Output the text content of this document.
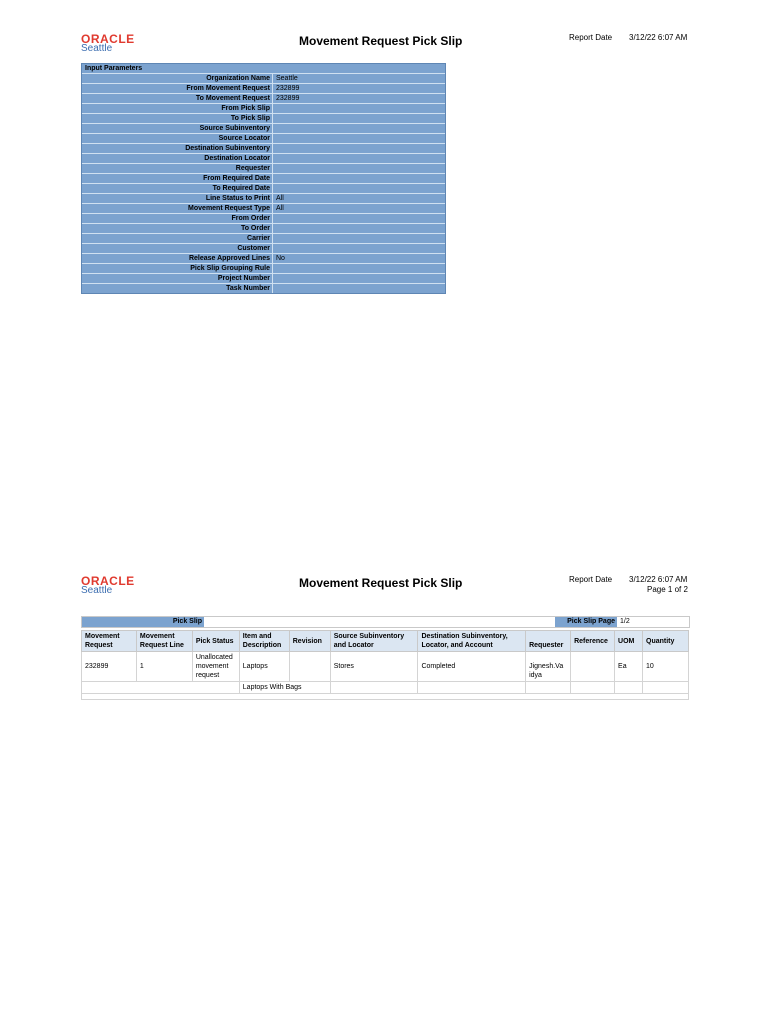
ORACLE
Seattle
Movement Request Pick Slip	Report Date 3/12/22 6:07 AM
Input Parameters
Organization Name Seattle
From Movement Request 232899
To Movement Request 232899
From Pick Slip
To Pick Slip
Source Subinventory
Source Locator
Destination Subinventory
Destination Locator
Requester
From Required Date
To Required Date
Line Status to Print All
Movement Request Type All
From Order
To Order
Carrier
Customer
Release Approved Lines No
Pick Slip Grouping Rule
Project Number
Task Number
ORACLE
Seattle
Movement Request Pick Slip	Report Date 3/12/22 6:07 AM
Page 1 of 2
Pick Slip	Pick Slip Page 1/2
Movement Request	Movement Request Line	Pick Status	Item and Description	Revision	Source Subinventory and Locator	Destination Subinventory, Locator, and Account	Requester	Reference	UOM	Quantity
232899	1	Unallocated movement request	Laptops		Stores	Completed	Jignesh.Va idya		Ea	10
			Laptops With Bags							
